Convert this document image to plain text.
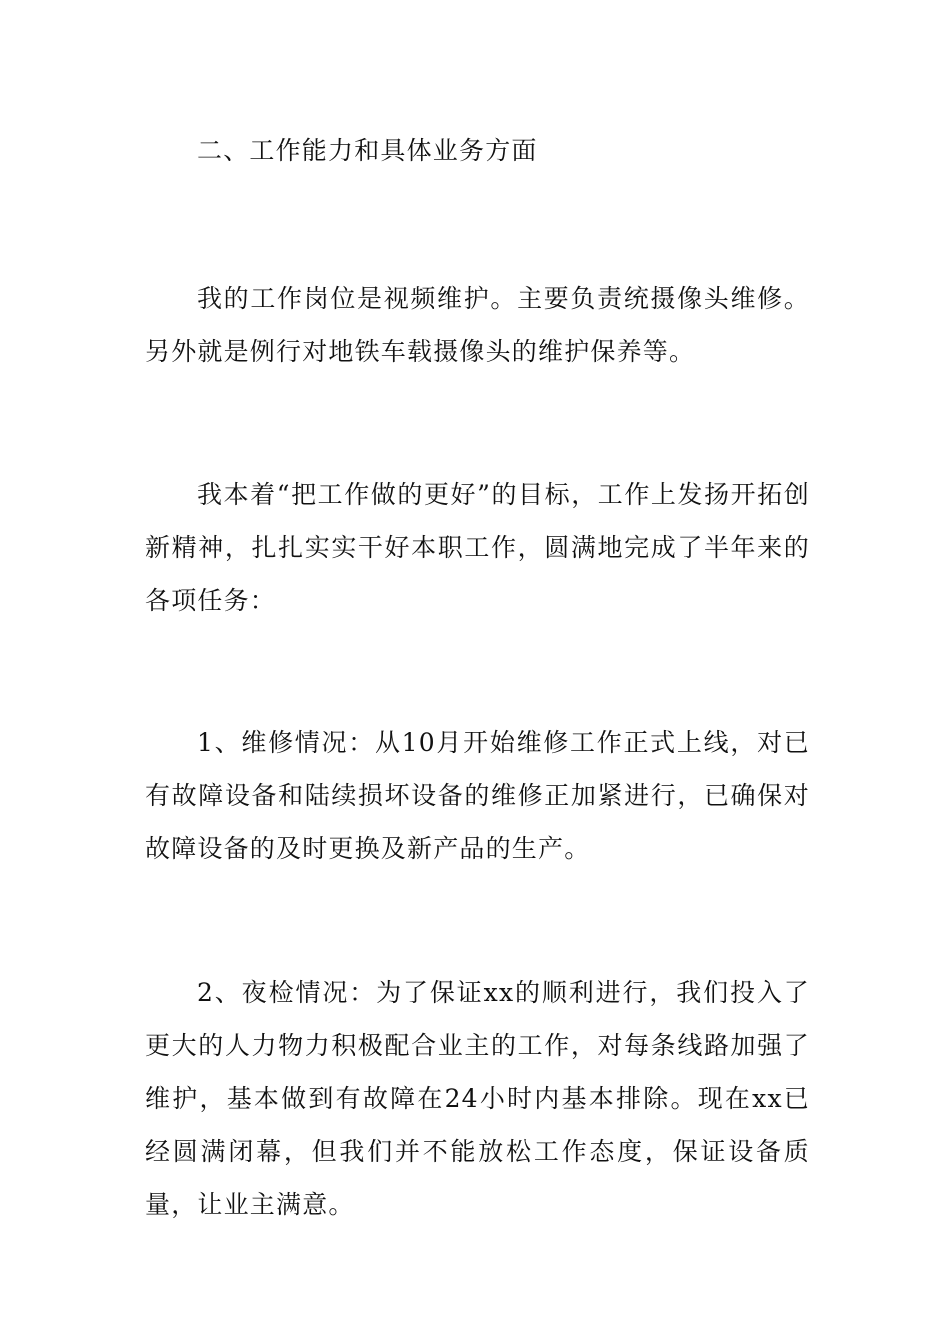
二、工作能力和具体业务方面

我的工作岗位是视频维护。主要负责统摄像头维修。另外就是例行对地铁车载摄像头的维护保养等。

我本着“把工作做的更好”的目标，工作上发扬开拓创新精神，扎扎实实干好本职工作，圆满地完成了半年来的各项任务：

1、维修情况：从10月开始维修工作正式上线，对已有故障设备和陆续损坏设备的维修正加紧进行，已确保对故障设备的及时更换及新产品的生产。

2、夜检情况：为了保证xx的顺利进行，我们投入了更大的人力物力积极配合业主的工作，对每条线路加强了维护，基本做到有故障在24小时内基本排除。现在xx已经圆满闭幕，但我们并不能放松工作态度，保证设备质量，让业主满意。
